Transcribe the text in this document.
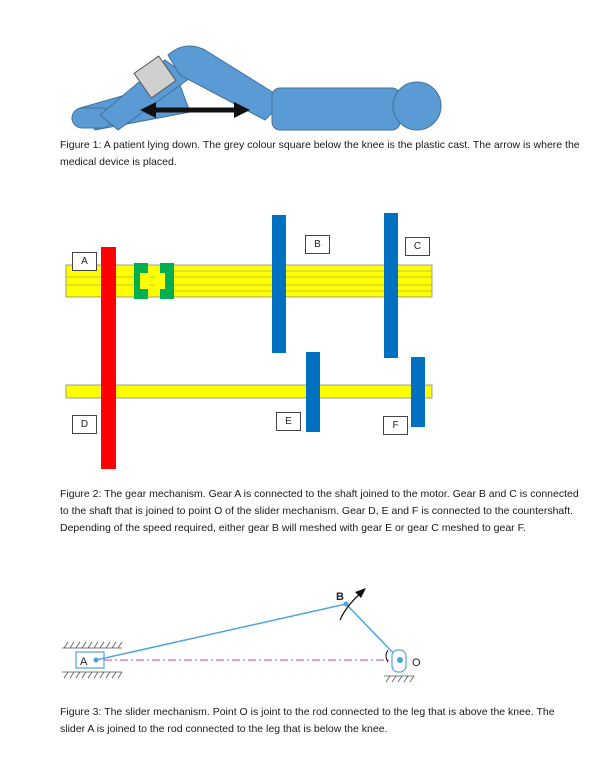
Figure 1: A patient lying down. The grey colour square below the knee is the plastic cast. The arrow is where the medical device is placed.
A
B	C
D	E	F
Figure 2: The gear mechanism. Gear A is connected to the shaft joined to the motor. Gear B and C is connected to the shaft that is joined to point O of the slider mechanism. Gear D, E and F is connected to the countershaft. Depending of the speed required, either gear B will meshed with gear E or gear C meshed to gear F.
A
B
O
Figure 3: The slider mechanism. Point O is joint to the rod connected to the leg that is above the knee. The slider A is joined to the rod connected to the leg that is below the knee.
